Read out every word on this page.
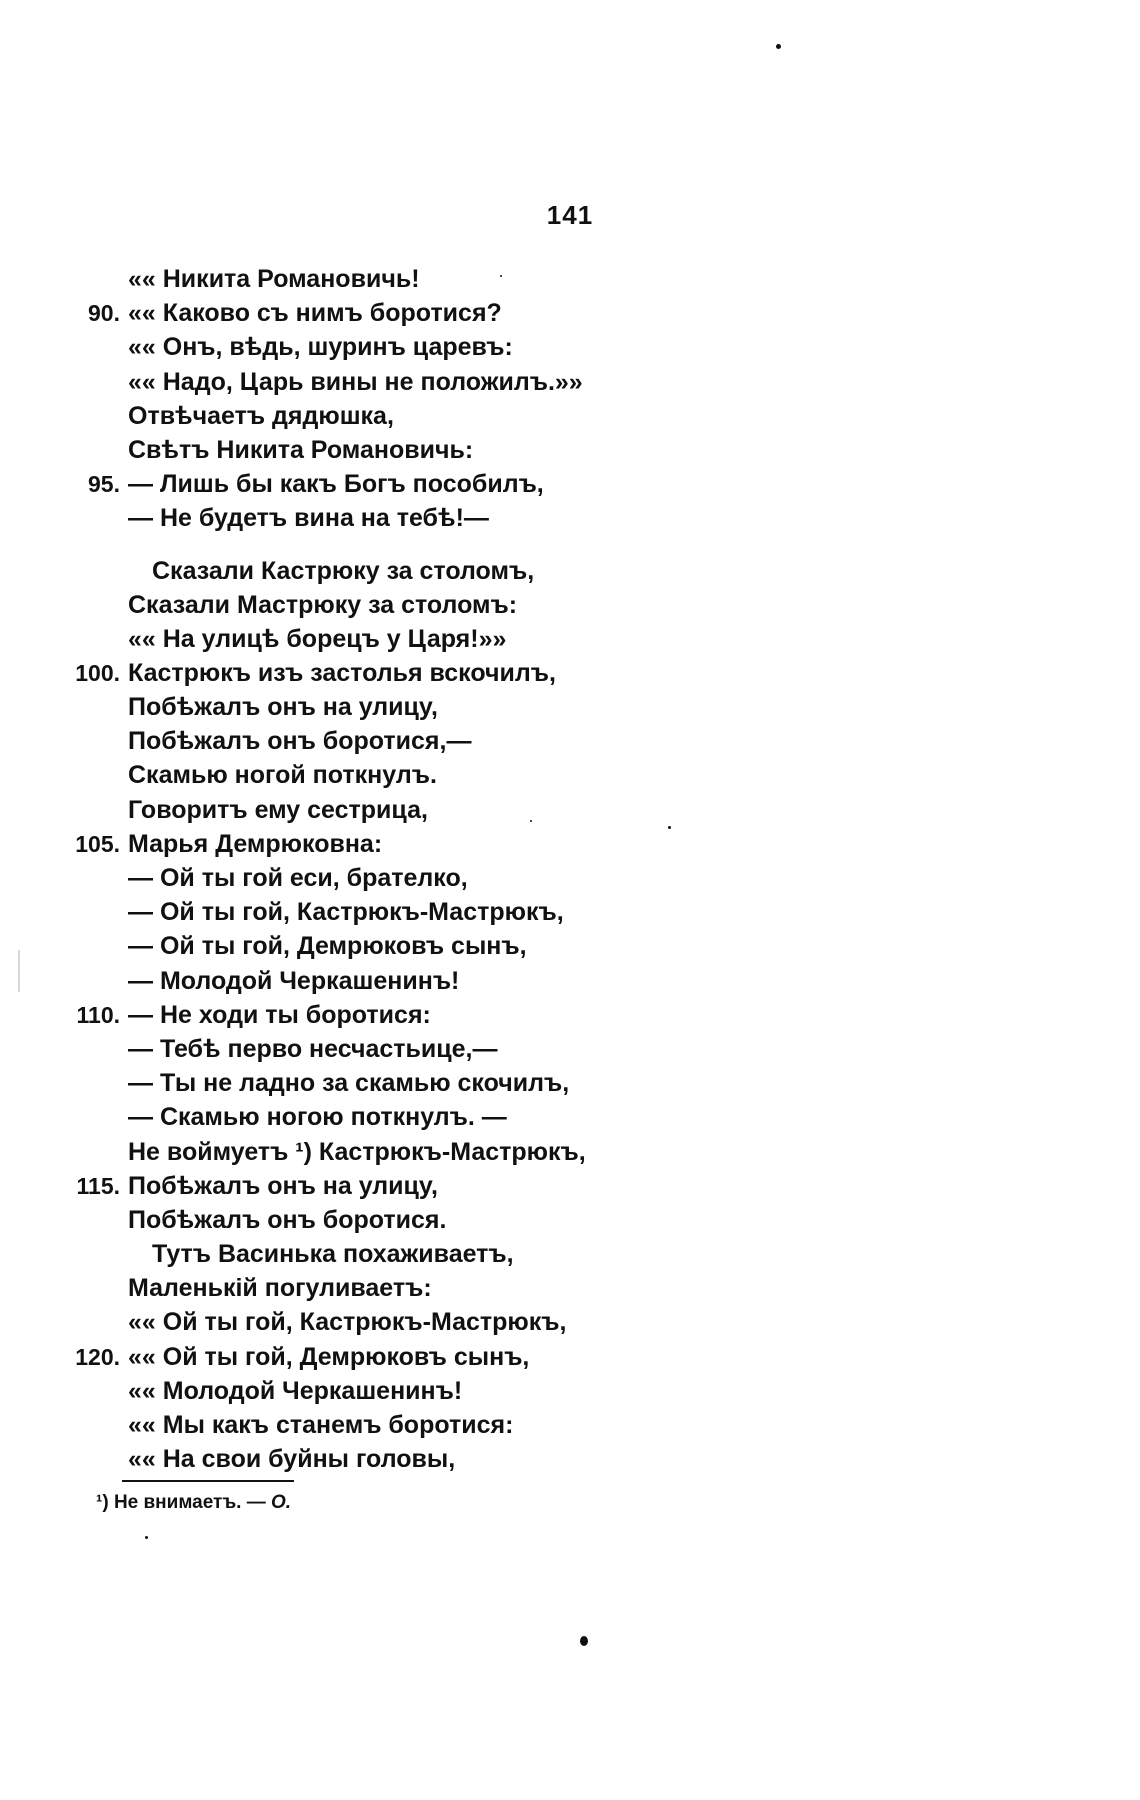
141
«« Никита Романовичь!
90. «« Каково съ нимъ боротися?
«« Онъ, вѣдь, шуринъ царевъ:
«« Надо, Царь вины не положилъ.»»
Отвѣчаетъ дядюшка,
Свѣтъ Никита Романовичь:
95. — Лишь бы какъ Богъ пособилъ,
— Не будетъ вина на тебѣ!—
Сказали Кастрюку за столомъ,
Сказали Мастрюку за столомъ:
«« На улицѣ борецъ у Царя!»»
100. Кастрюкъ изъ застолья вскочилъ,
Побѣжалъ онъ на улицу,
Побѣжалъ онъ боротися,—
Скамью ногой поткнулъ.
Говоритъ ему сестрица,
105. Марья Демрюковна:
— Ой ты гой еси, брателко,
— Ой ты гой, Кастрюкъ-Мастрюкъ,
— Ой ты гой, Демрюковъ сынъ,
— Молодой Черкашенинъ!
110. — Не ходи ты боротися:
— Тебѣ перво несчастьице,—
— Ты не ладно за скамью скочилъ,
— Скамью ногою поткнулъ. —
Не воймуетъ ¹) Кастрюкъ-Мастрюкъ,
115. Побѣжалъ онъ на улицу,
Побѣжалъ онъ боротися.
Тутъ Васинька похаживаетъ,
Маленькій погуливаетъ:
«« Ой ты гой, Кастрюкъ-Мастрюкъ,
120. «« Ой ты гой, Демрюковъ сынъ,
«« Молодой Черкашенинъ!
«« Мы какъ станемъ боротися:
«« На свои буйны головы,
¹) Не внимаетъ. — О.
